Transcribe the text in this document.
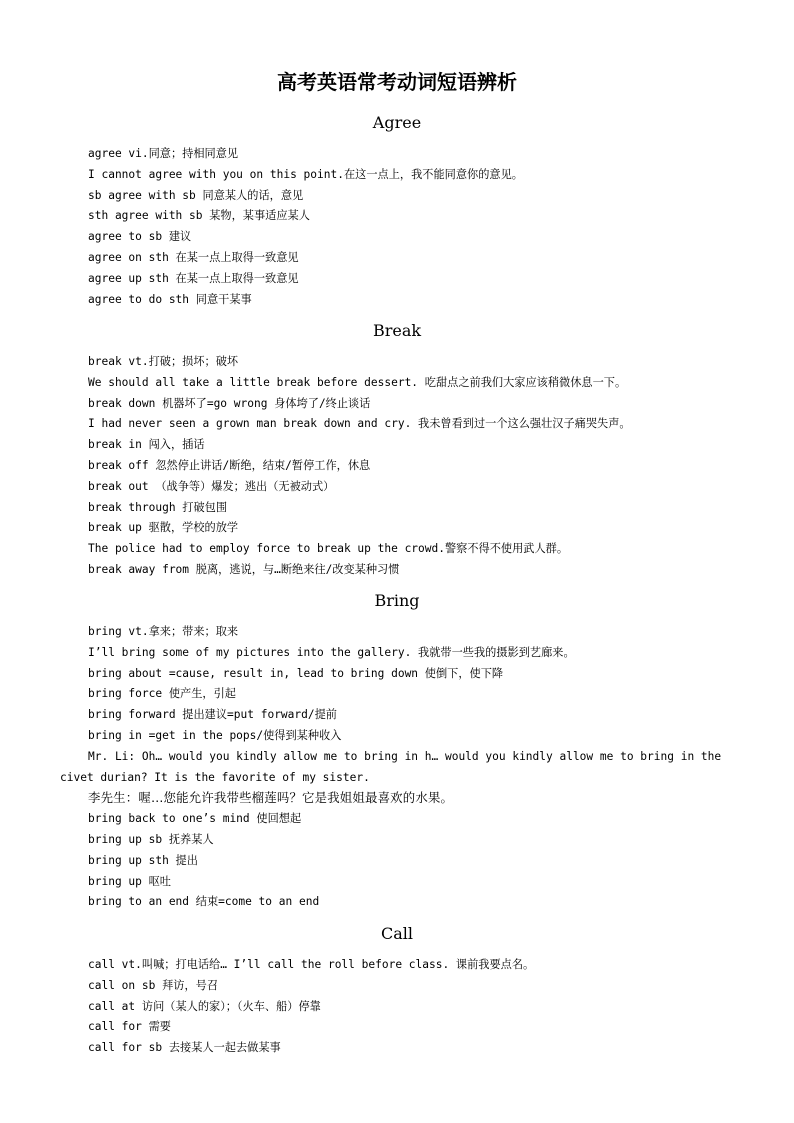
高考英语常考动词短语辨析
Agree
agree vi.同意；持相同意见
I cannot agree with you on this point.在这一点上，我不能同意你的意见。
sb agree with sb 同意某人的话，意见
sth agree with sb 某物，某事适应某人
agree to sb 建议
agree on sth 在某一点上取得一致意见
agree up sth 在某一点上取得一致意见
agree to do sth 同意干某事
Break
break vt.打破；损坏；破坏
We should all take a little break before dessert. 吃甜点之前我们大家应该稍微休息一下。
break down 机器坏了=go wrong 身体垮了/终止谈话
I had never seen a grown man break down and cry. 我未曾看到过一个这么强壮汉子痛哭失声。
break in 闯入，插话
break off 忽然停止讲话/断绝，结束/暂停工作，休息
break out （战争等）爆发；逃出（无被动式）
break through 打破包围
break up 驱散，学校的放学
The police had to employ force to break up the crowd.警察不得不使用武人群。
break away from 脱离，逃说，与…断绝来往/改变某种习惯
Bring
bring vt.拿来；带来；取来
I’ll bring some of my pictures into the gallery. 我就带一些我的摄影到艺廊来。
bring about =cause, result in, lead to bring down 使倒下，使下降
bring force 使产生，引起
bring forward 提出建议=put forward/提前
bring in =get in the pops/使得到某种收入
Mr. Li: Oh… would you kindly allow me to bring in h… would you kindly allow me to bring in the
civet durian? It is the favorite of my sister.
李先生：喔…您能允许我带些榴莲吗？它是我姐姐最喜欢的水果。
bring back to one’s mind 使回想起
bring up sb 抚养某人
bring up sth 提出
bring up 呕吐
bring to an end 结束=come to an end
Call
call vt.叫喊；打电话给… I’ll call the roll before class. 课前我要点名。
call on sb 拜访，号召
call at 访问（某人的家）；（火车、船）停靠
call for 需要
call for sb 去接某人一起去做某事
